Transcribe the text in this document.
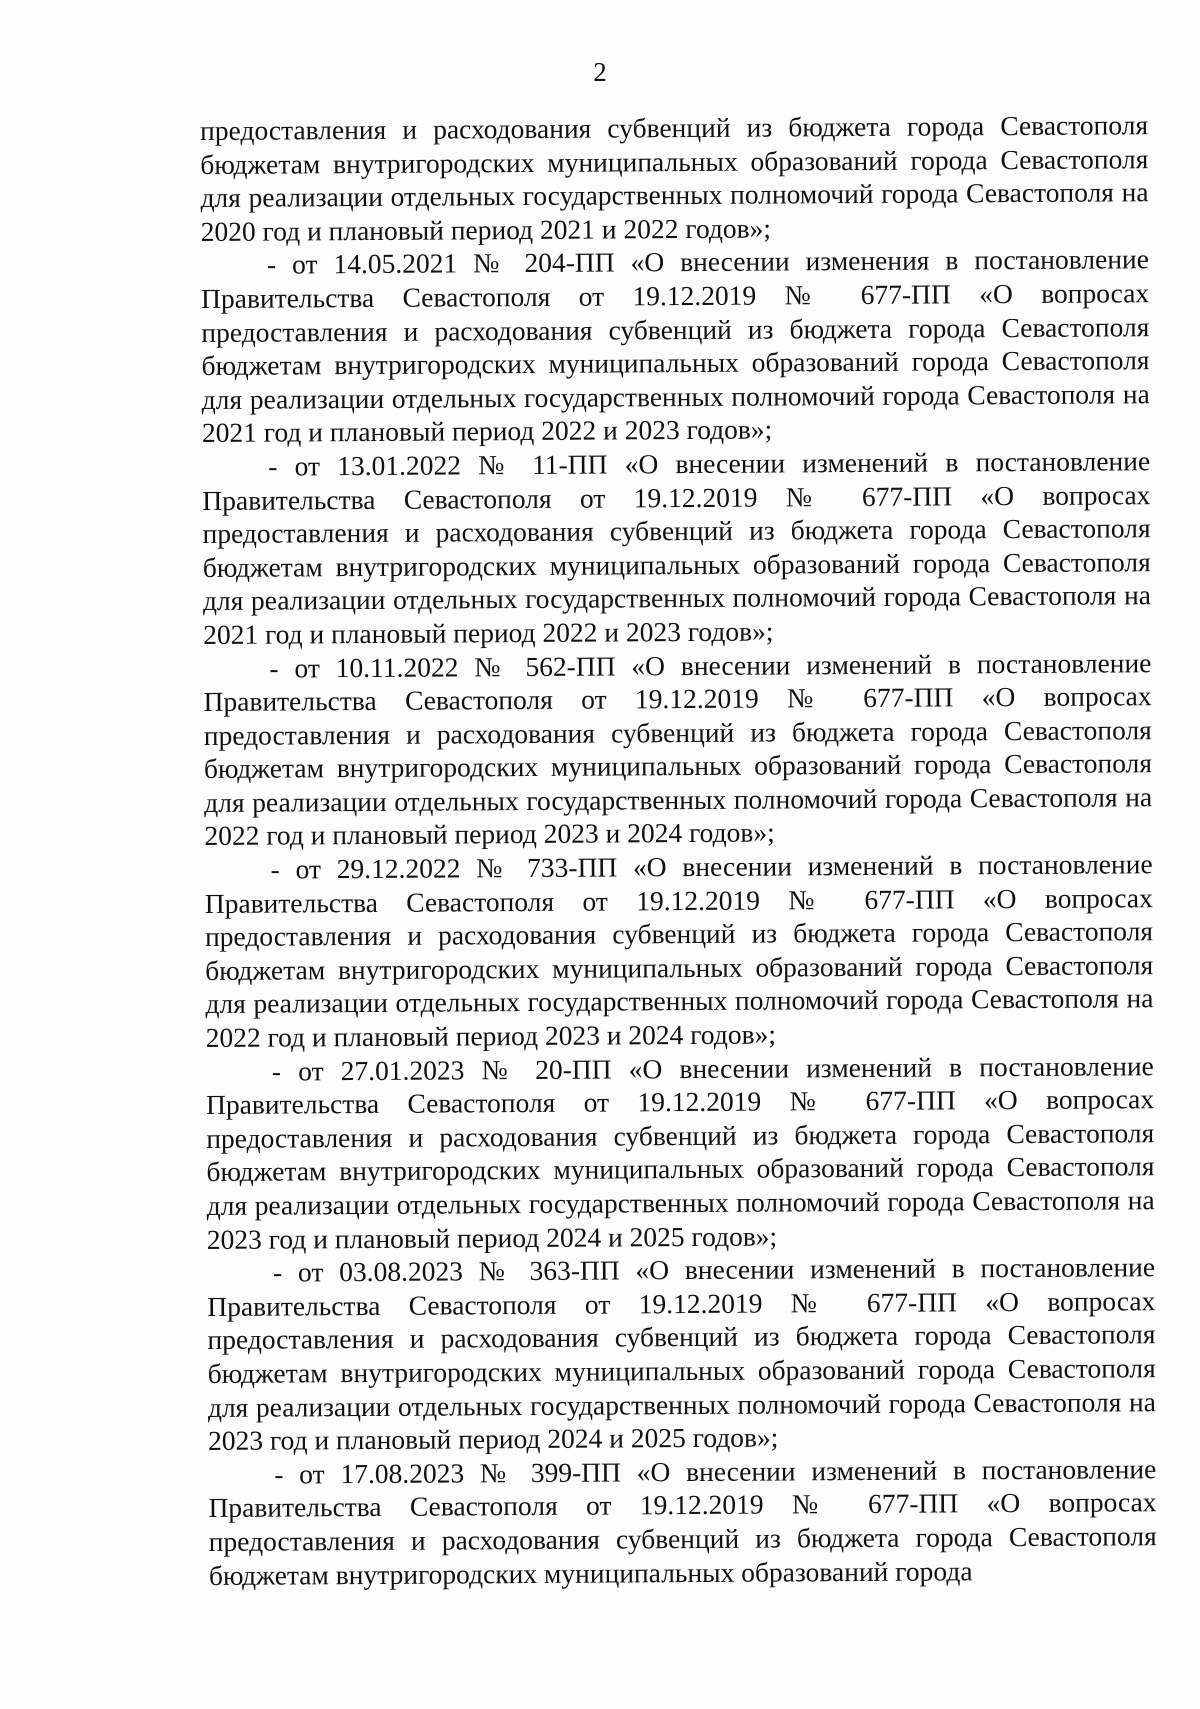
2

предоставления и расходования субвенций из бюджета города Севастополя бюджетам внутригородских муниципальных образований города Севастополя для реализации отдельных государственных полномочий города Севастополя на 2020 год и плановый период 2021 и 2022 годов»;

- от 14.05.2021 № 204-ПП «О внесении изменения в постановление Правительства Севастополя от 19.12.2019 № 677-ПП «О вопросах предоставления и расходования субвенций из бюджета города Севастополя бюджетам внутригородских муниципальных образований города Севастополя для реализации отдельных государственных полномочий города Севастополя на 2021 год и плановый период 2022 и 2023 годов»;

- от 13.01.2022 № 11-ПП «О внесении изменений в постановление Правительства Севастополя от 19.12.2019 № 677-ПП «О вопросах предоставления и расходования субвенций из бюджета города Севастополя бюджетам внутригородских муниципальных образований города Севастополя для реализации отдельных государственных полномочий города Севастополя на 2021 год и плановый период 2022 и 2023 годов»;

- от 10.11.2022 № 562-ПП «О внесении изменений в постановление Правительства Севастополя от 19.12.2019 № 677-ПП «О вопросах предоставления и расходования субвенций из бюджета города Севастополя бюджетам внутригородских муниципальных образований города Севастополя для реализации отдельных государственных полномочий города Севастополя на 2022 год и плановый период 2023 и 2024 годов»;

- от 29.12.2022 № 733-ПП «О внесении изменений в постановление Правительства Севастополя от 19.12.2019 № 677-ПП «О вопросах предоставления и расходования субвенций из бюджета города Севастополя бюджетам внутригородских муниципальных образований города Севастополя для реализации отдельных государственных полномочий города Севастополя на 2022 год и плановый период 2023 и 2024 годов»;

- от 27.01.2023 № 20-ПП «О внесении изменений в постановление Правительства Севастополя от 19.12.2019 № 677-ПП «О вопросах предоставления и расходования субвенций из бюджета города Севастополя бюджетам внутригородских муниципальных образований города Севастополя для реализации отдельных государственных полномочий города Севастополя на 2023 год и плановый период 2024 и 2025 годов»;

- от 03.08.2023 № 363-ПП «О внесении изменений в постановление Правительства Севастополя от 19.12.2019 № 677-ПП «О вопросах предоставления и расходования субвенций из бюджета города Севастополя бюджетам внутригородских муниципальных образований города Севастополя для реализации отдельных государственных полномочий города Севастополя на 2023 год и плановый период 2024 и 2025 годов»;

- от 17.08.2023 № 399-ПП «О внесении изменений в постановление Правительства Севастополя от 19.12.2019 № 677-ПП «О вопросах предоставления и расходования субвенций из бюджета города Севастополя бюджетам внутригородских муниципальных образований города
